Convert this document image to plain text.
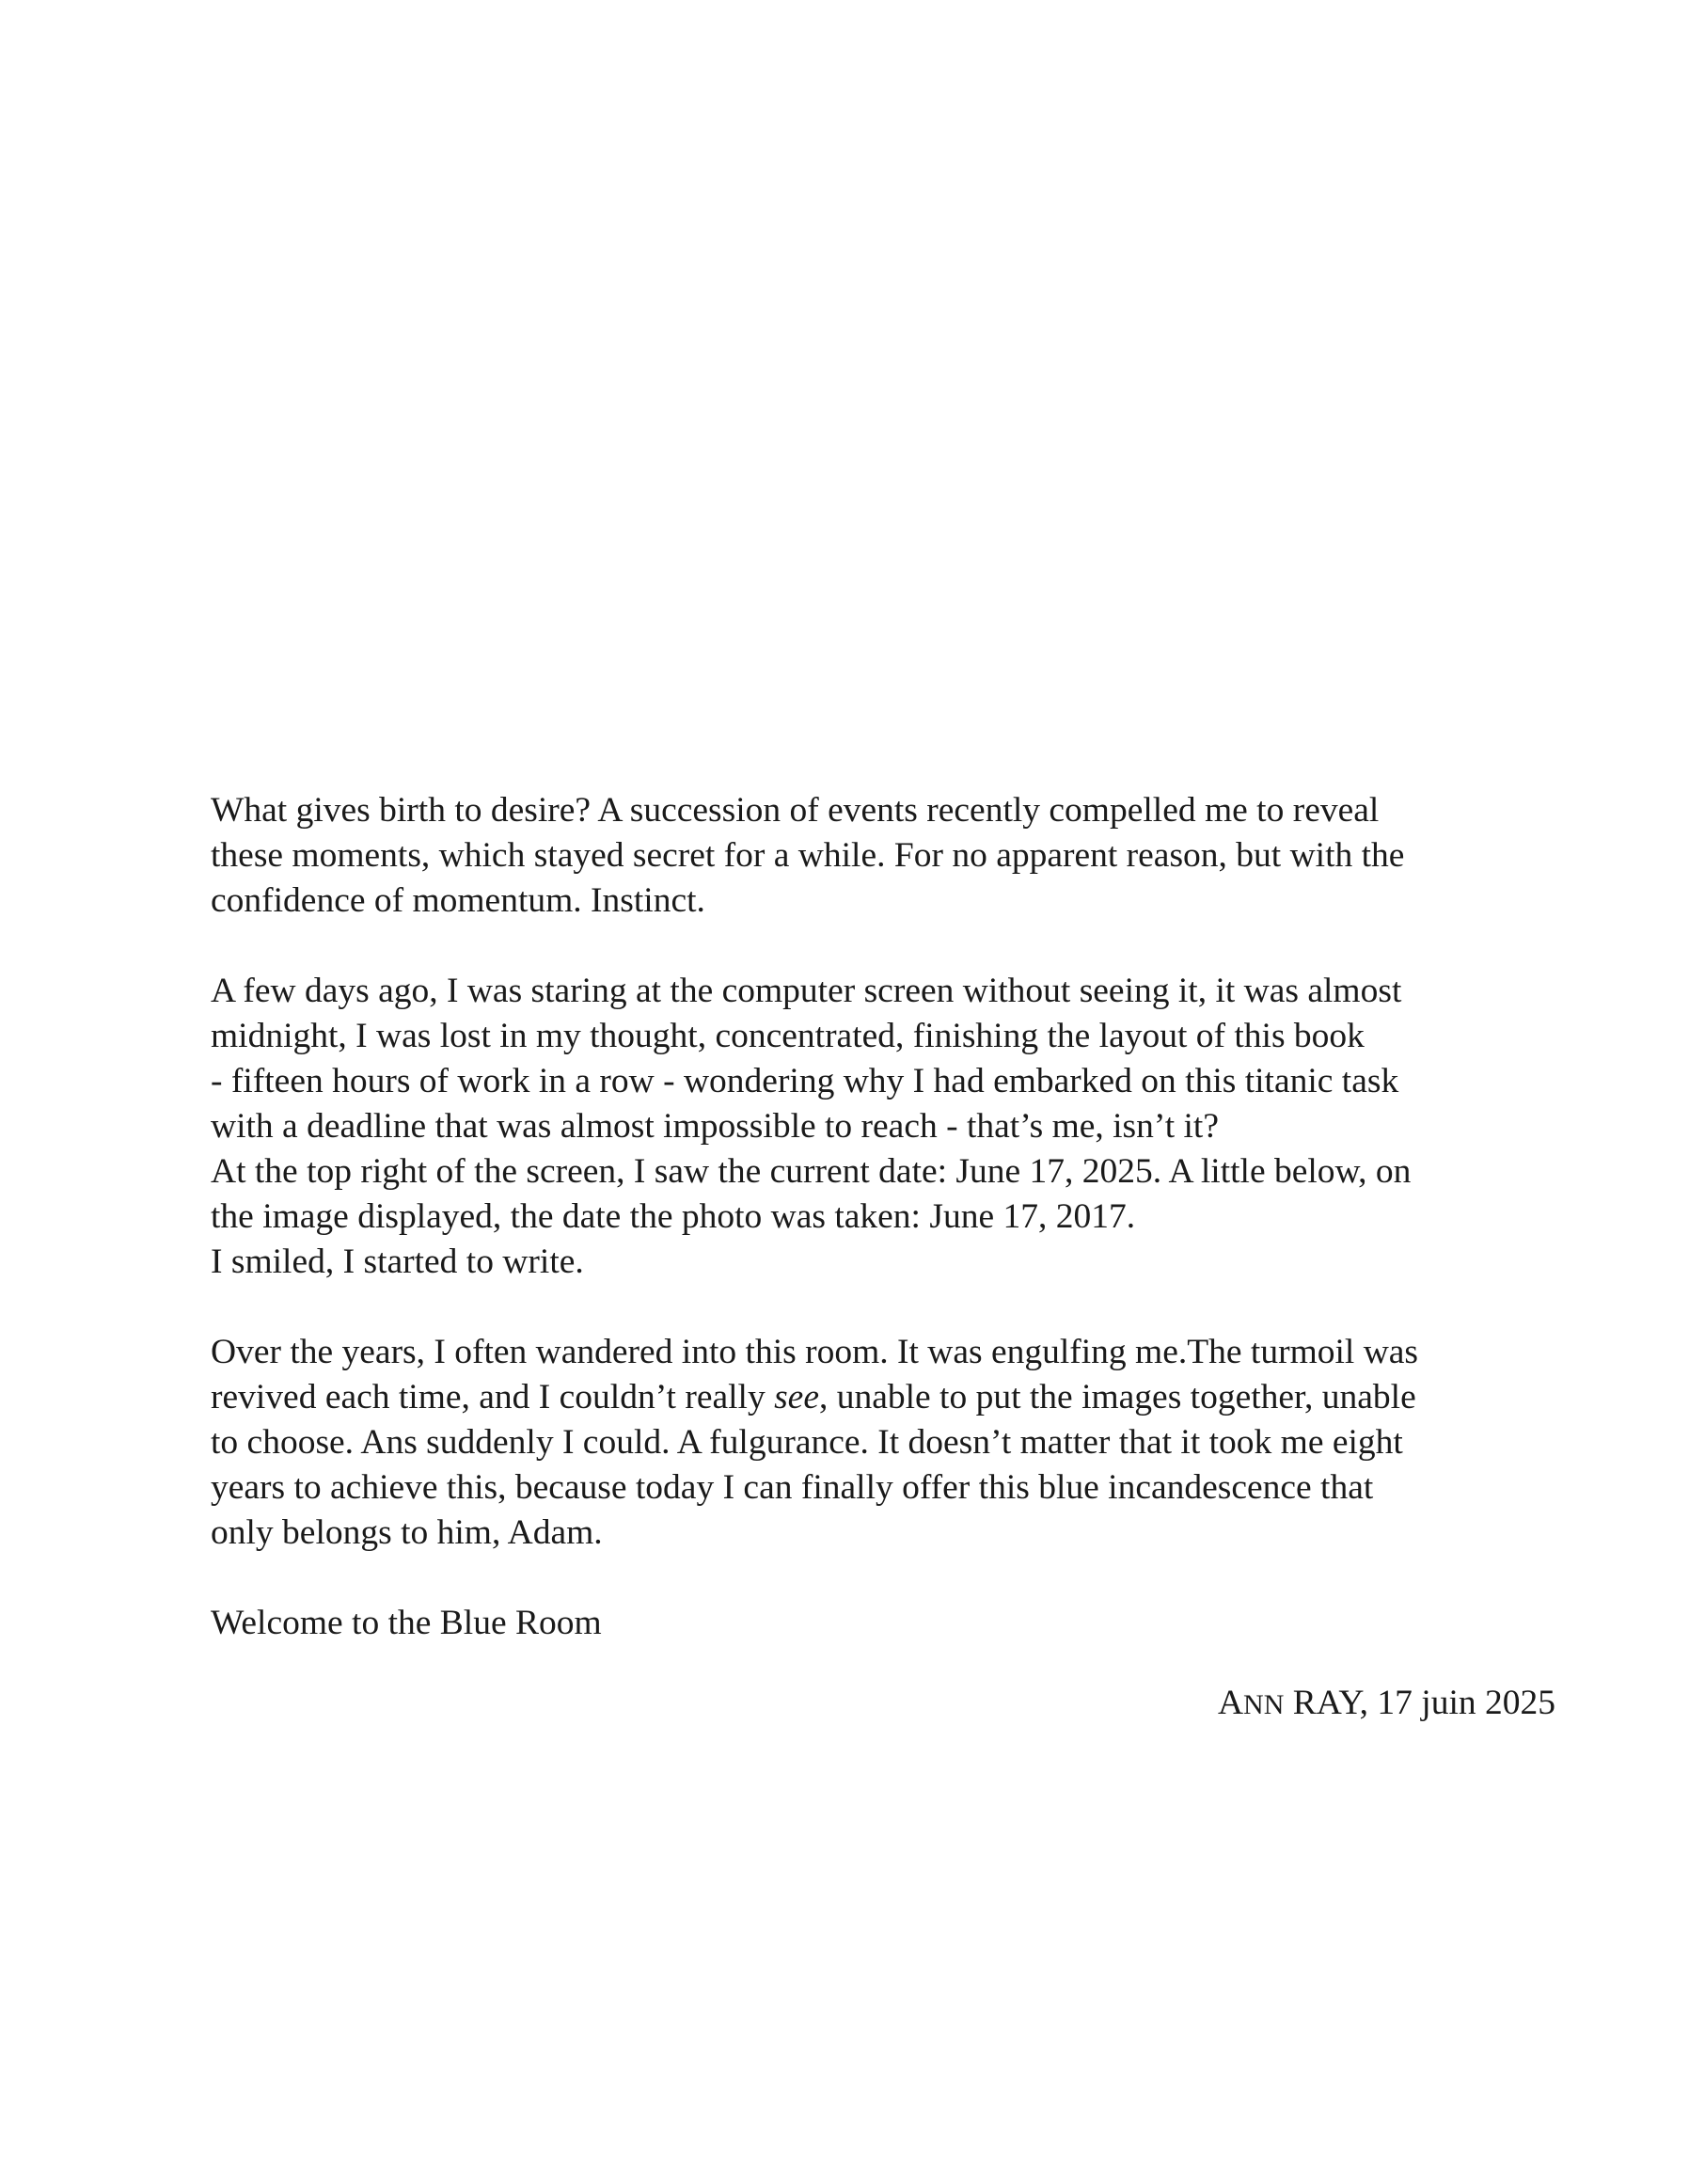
What gives birth to desire? A succession of events recently compelled me to reveal
these moments, which stayed secret for a while. For no apparent reason, but with the
confidence of momentum. Instinct.
A few days ago, I was staring at the computer screen without seeing it, it was almost
midnight, I was lost in my thought, concentrated, finishing the layout of this book
- fifteen hours of work in a row - wondering why I had embarked on this titanic task
with a deadline that was almost impossible to reach - that’s me, isn’t it?
At the top right of the screen, I saw the current date: June 17, 2025. A little below, on
the image displayed, the date the photo was taken: June 17, 2017.
I smiled, I started to write.
Over the years, I often wandered into this room. It was engulfing me.The turmoil was
revived each time, and I couldn’t really see, unable to put the images together, unable
to choose. Ans suddenly I could. A fulgurance. It doesn’t matter that it took me eight
years to achieve this, because today I can finally offer this blue incandescence that
only belongs to him, Adam.

Welcome to the Blue Room

ANN RAY, 17 juin 2025
